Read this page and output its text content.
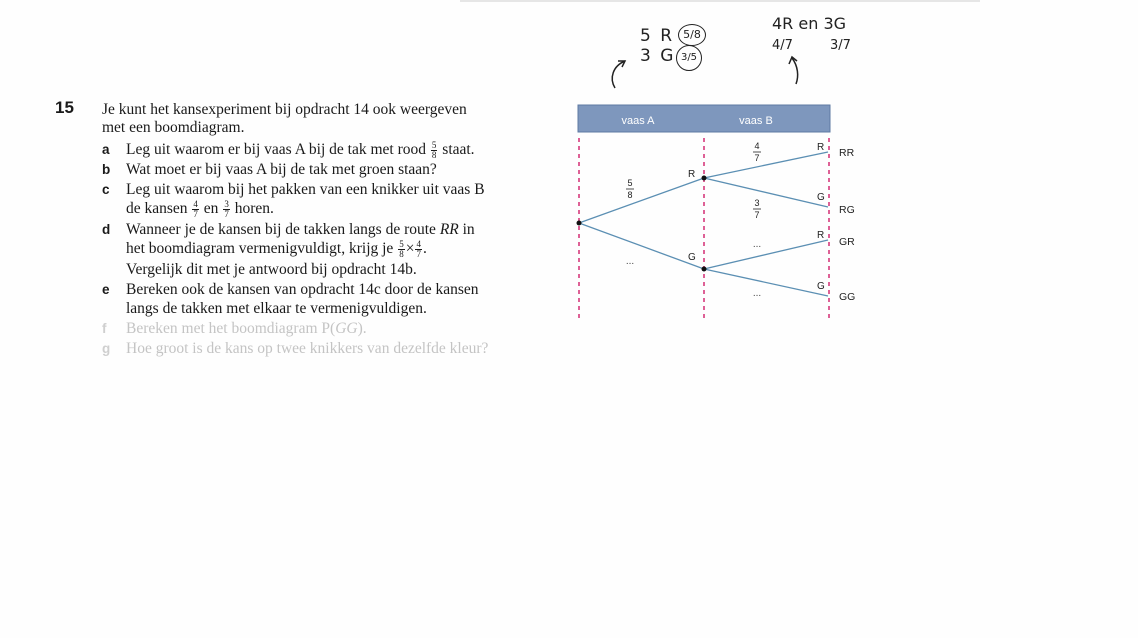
5 R
3 G
5/8
3/5
4R en 3G
4/7	3/7
15 Je kunt het kansexperiment bij opdracht 14 ook weergeven
met een boomdiagram.
a Leg uit waarom er bij vaas A bij de tak met rood $\frac{5}{8}$ staat.
b Wat moet er bij vaas A bij de tak met groen staan?
c Leg uit waarom bij het pakken van een knikker uit vaas B
de kansen $\frac{4}{7}$ en $\frac{3}{7}$ horen.
d Wanneer je de kansen bij de takken langs de route RR in
het boomdiagram vermenigvuldigt, krijg je $\frac{5}{8} \times \frac{4}{7}$ .
Vergelijk dit met je antwoord bij opdracht 14b.
e Bereken ook de kansen van opdracht 14c door de kansen
langs de takken met elkaar te vermenigvuldigen.
f Bereken met het boomdiagram P(GG).
g Hoe groot is de kans op twee knikkers van dezelfde kleur?
vaas A	vaas B
5
8
...
4
7
3
7
...
...
R
G
R
G
R
G
RR
RG
GR
GG
